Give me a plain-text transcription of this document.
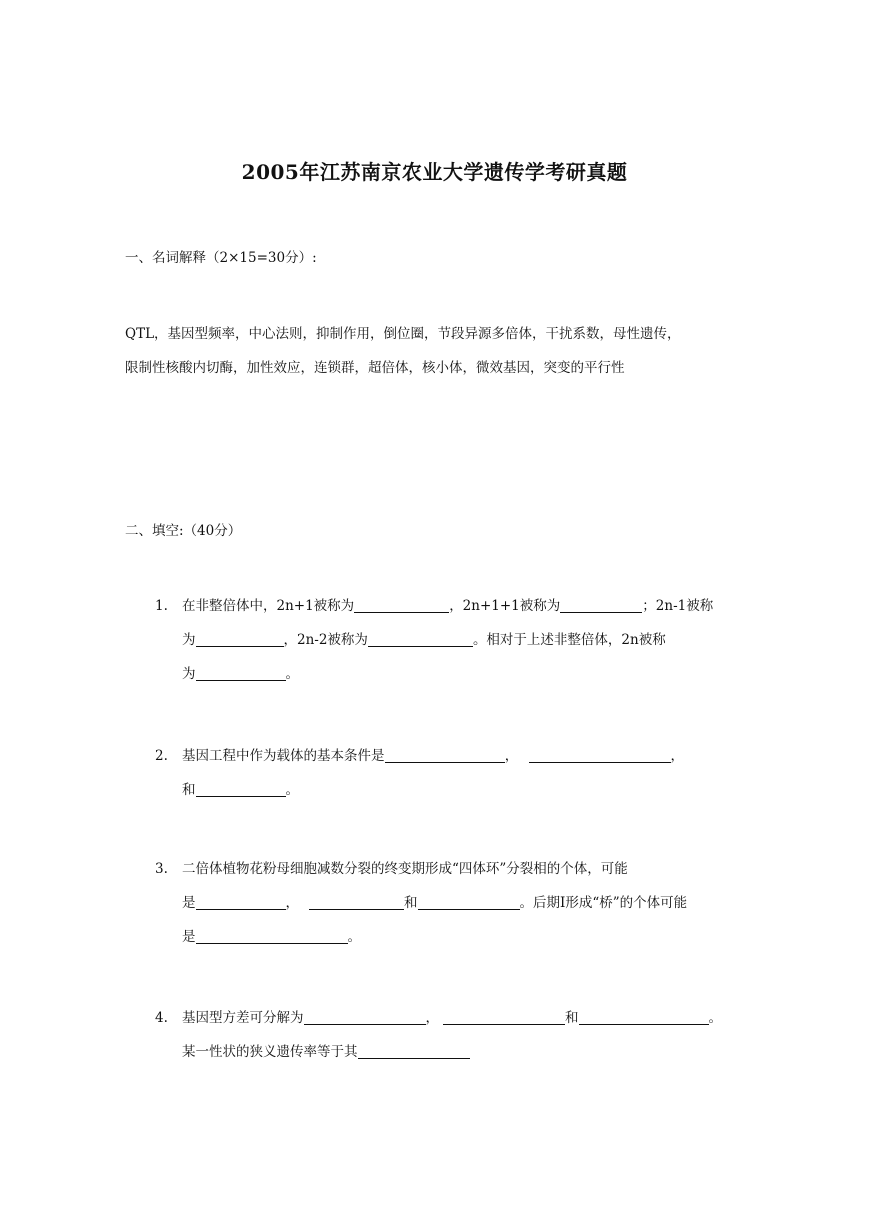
2005年江苏南京农业大学遗传学考研真题
一、名词解释（2×15=30分）:
QTL，基因型频率，中心法则，抑制作用，倒位圈，节段异源多倍体，干扰系数，母性遗传，
限制性核酸内切酶，加性效应，连锁群，超倍体，核小体，微效基因，突变的平行性
二、填空:（40分）
1. 在非整倍体中，2n+1被称为	，2n+1+1被称为	；2n-1被称
为	，2n-2被称为	。相对于上述非整倍体，2n被称
为	。
2. 基因工程中作为载体的基本条件是	，	，
和	。
3. 二倍体植物花粉母细胞减数分裂的终变期形成“四体环”分裂相的个体，可能
是	，	和	。后期Ⅰ形成“桥”的个体可能
是	。
4. 基因型方差可分解为	，	和	。
某一性状的狭义遗传率等于其
